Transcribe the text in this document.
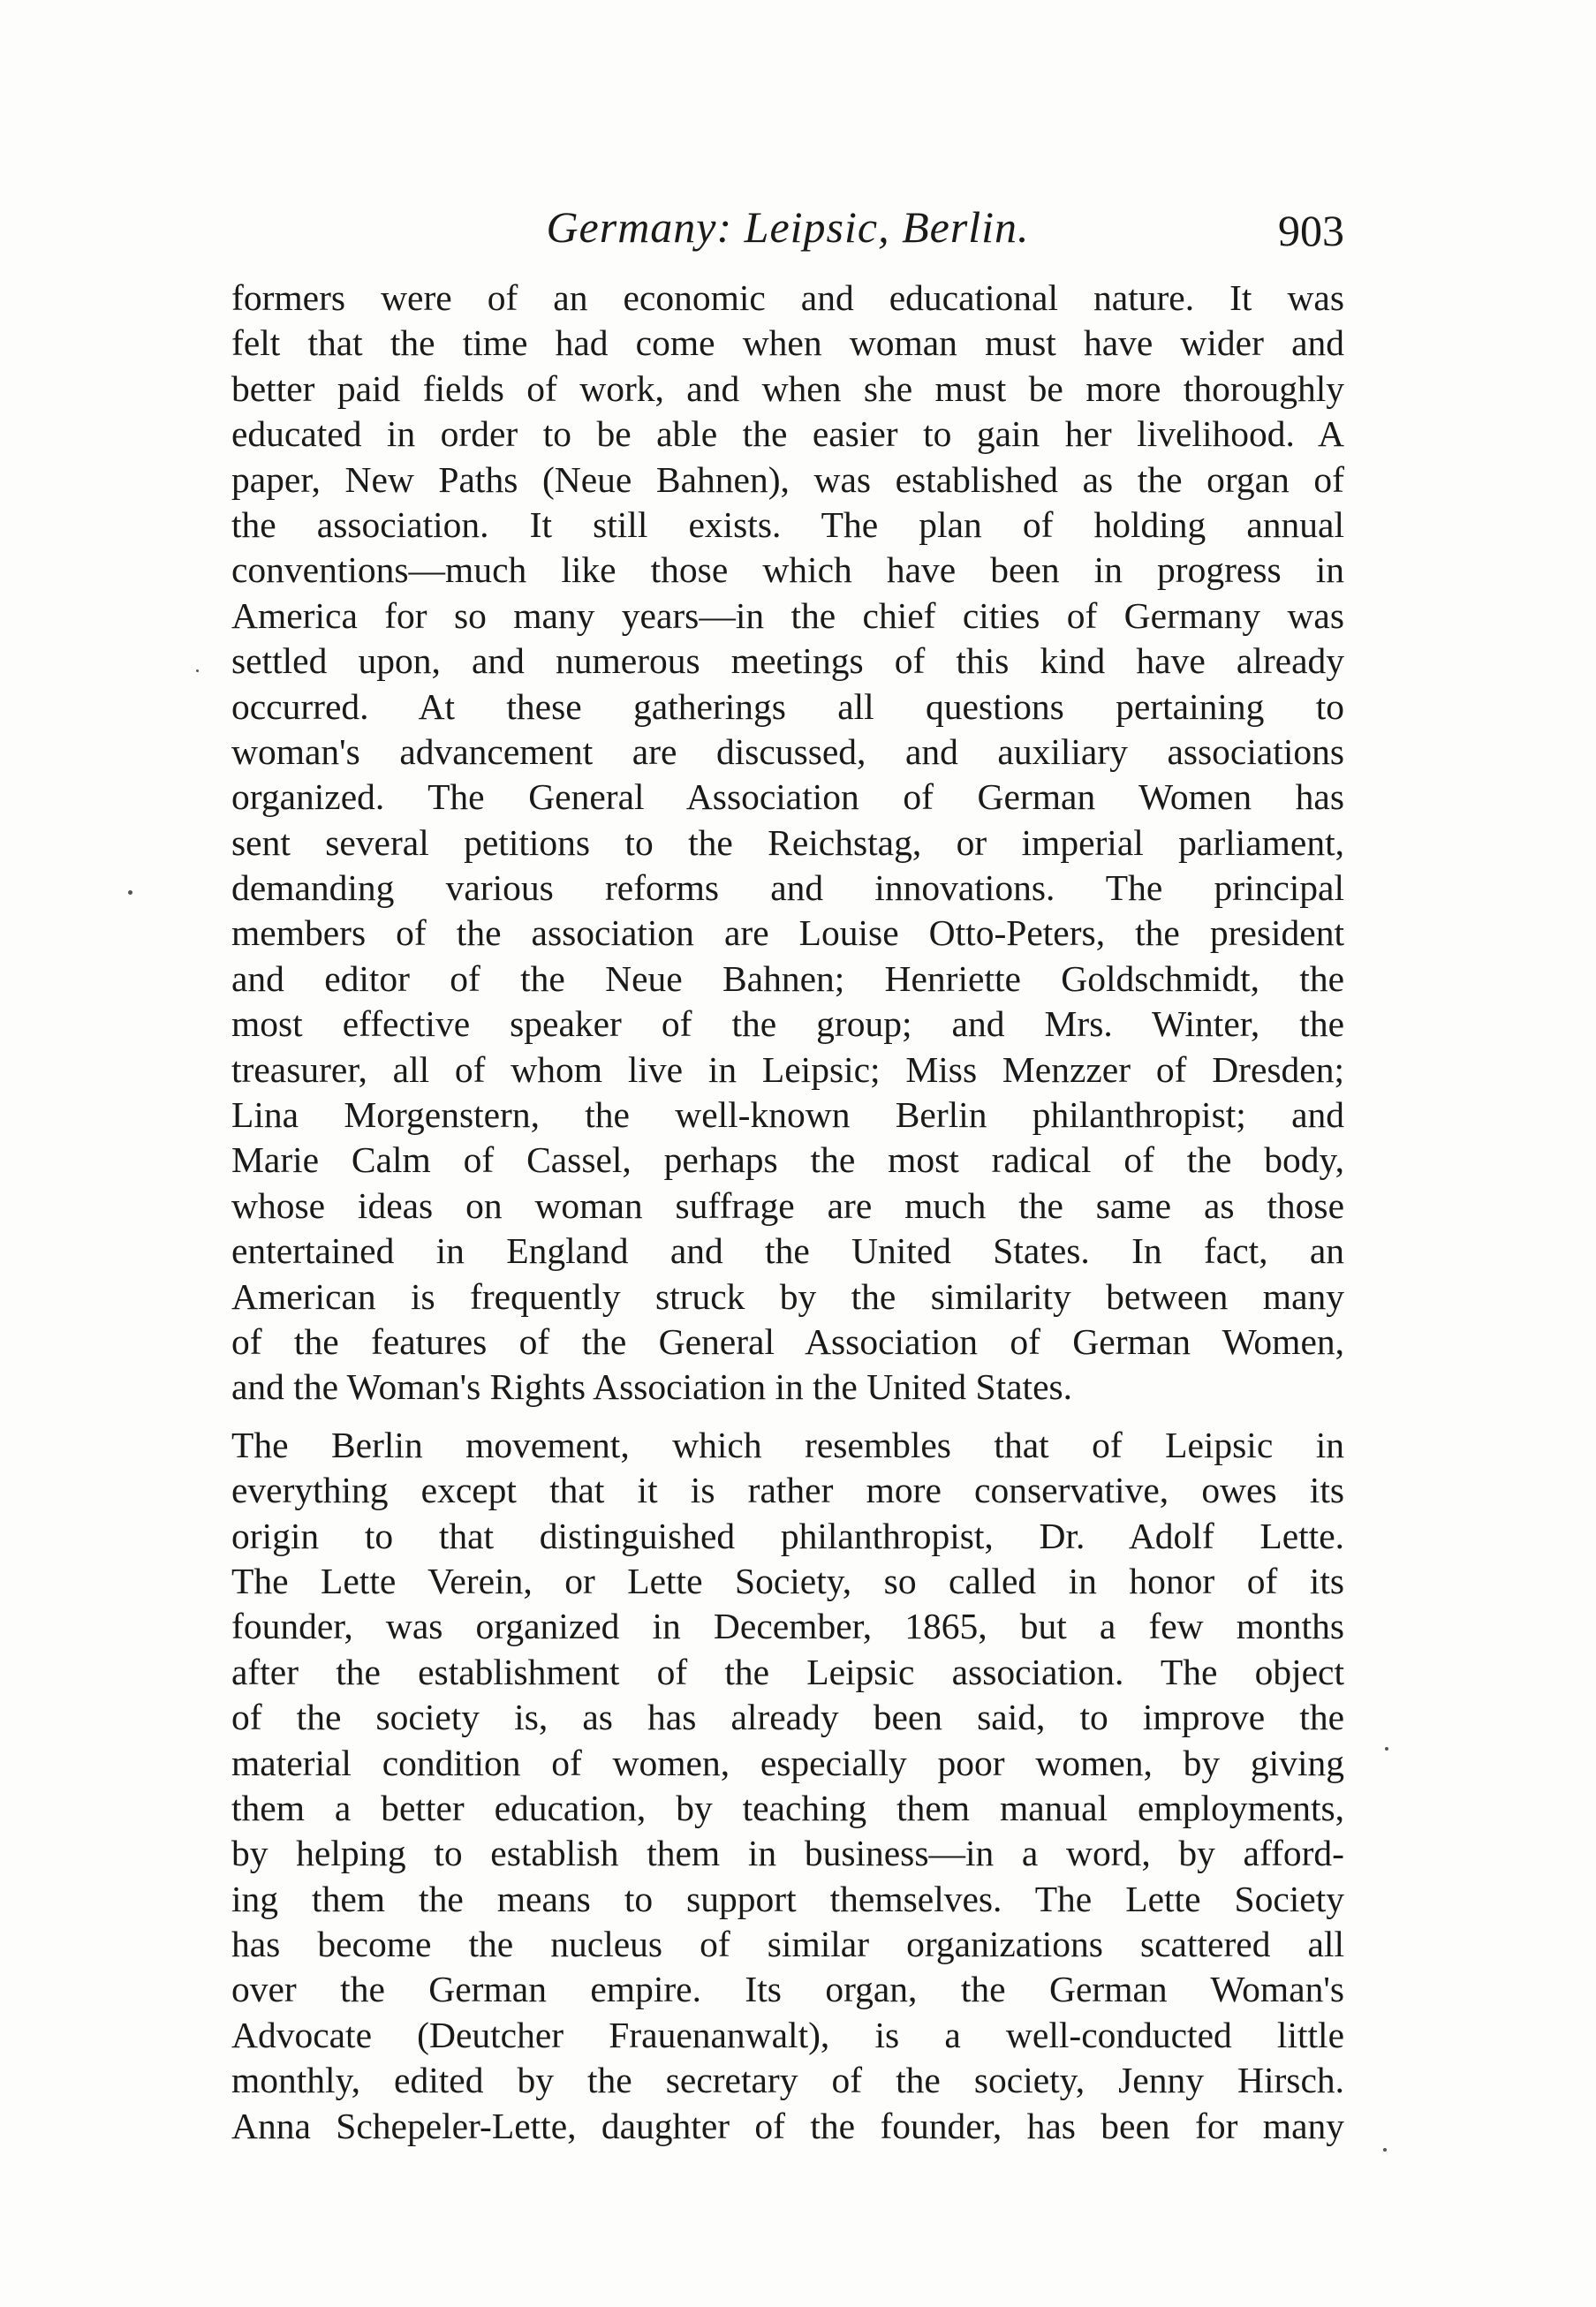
Germany: Leipsic, Berlin.	903
formers were of an economic and educational nature. It was
felt that the time had come when woman must have wider and
better paid fields of work, and when she must be more thoroughly
educated in order to be able the easier to gain her livelihood. A
paper, New Paths (Neue Bahnen), was established as the organ of
the association. It still exists. The plan of holding annual
conventions—much like those which have been in progress in
America for so many years—in the chief cities of Germany was
settled upon, and numerous meetings of this kind have already
occurred. At these gatherings all questions pertaining to
woman's advancement are discussed, and auxiliary associations
organized. The General Association of German Women has
sent several petitions to the Reichstag, or imperial parliament,
demanding various reforms and innovations. The principal
members of the association are Louise Otto-Peters, the president
and editor of the Neue Bahnen; Henriette Goldschmidt, the
most effective speaker of the group; and Mrs. Winter, the
treasurer, all of whom live in Leipsic; Miss Menzzer of Dresden;
Lina Morgenstern, the well-known Berlin philanthropist; and
Marie Calm of Cassel, perhaps the most radical of the body,
whose ideas on woman suffrage are much the same as those
entertained in England and the United States. In fact, an
American is frequently struck by the similarity between many
of the features of the General Association of German Women,
and the Woman's Rights Association in the United States.
The Berlin movement, which resembles that of Leipsic in
everything except that it is rather more conservative, owes its
origin to that distinguished philanthropist, Dr. Adolf Lette.
The Lette Verein, or Lette Society, so called in honor of its
founder, was organized in December, 1865, but a few months
after the establishment of the Leipsic association. The object
of the society is, as has already been said, to improve the
material condition of women, especially poor women, by giving
them a better education, by teaching them manual employments,
by helping to establish them in business—in a word, by afford-
ing them the means to support themselves. The Lette Society
has become the nucleus of similar organizations scattered all
over the German empire. Its organ, the German Woman's
Advocate (Deutcher Frauenanwalt), is a well-conducted little
monthly, edited by the secretary of the society, Jenny Hirsch.
Anna Schepeler-Lette, daughter of the founder, has been for many
